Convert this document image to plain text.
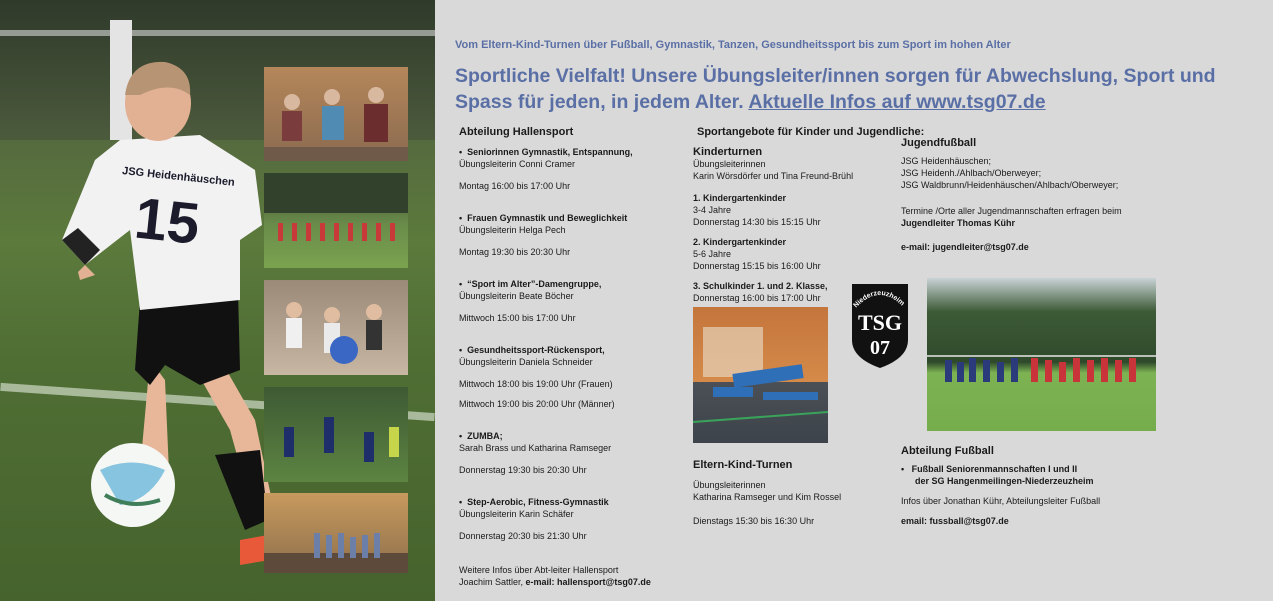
15
JSG Heidenhäuschen
Vom Eltern-Kind-Turnen über Fußball, Gymnastik, Tanzen, Gesundheitssport bis zum Sport im hohen Alter
Sportliche Vielfalt! Unsere Übungsleiter/innen sorgen für Abwechslung, Sport und Spass für jeden, in jedem Alter. Aktuelle Infos auf www.tsg07.de
Abteilung Hallensport

•  Seniorinnen Gymnastik, Entspannung,

Übungsleiterin Conni Cramer

Montag 16:00 bis 17:00 Uhr

•  Frauen Gymnastik und Beweglichkeit

Übungsleiterin Helga Pech

Montag 19:30 bis 20:30 Uhr

•  “Sport im Alter”-Damengruppe,

Übungsleiterin Beate Böcher

Mittwoch 15:00 bis 17:00 Uhr

•  Gesundheitssport-Rückensport,

Übungsleiterin Daniela Schneider

Mittwoch 18:00 bis 19:00 Uhr (Frauen)

Mittwoch 19:00 bis 20:00 Uhr (Männer)

•  ZUMBA;

Sarah Brass und Katharina Ramseger

Donnerstag 19:30 bis 20:30 Uhr

•  Step-Aerobic, Fitness-Gymnastik

Übungsleiterin Karin Schäfer

Donnerstag 20:30 bis 21:30 Uhr

Weitere Infos über Abt-leiter Hallensport

Joachim Sattler, e-mail: hallensport@tsg07.de

Sportangebote für Kinder und Jugendliche:
Kinderturnen

Übungsleiterinnen

Karin Wörsdörfer und Tina Freund-Brühl

1. Kindergartenkinder

3-4 Jahre

Donnerstag 14:30 bis 15:15 Uhr

2. Kindergartenkinder

5-6 Jahre

Donnerstag 15:15 bis 16:00 Uhr

3. Schulkinder 1. und 2. Klasse,

Donnerstag 16:00 bis 17:00 Uhr

Eltern-Kind-Turnen

Übungsleiterinnen

Katharina Ramseger und Kim Rossel

Dienstags 15:30 bis 16:30 Uhr

Jugendfußball

JSG Heidenhäuschen;

JSG Heidenh./Ahlbach/Oberweyer;

JSG Waldbrunn/Heidenhäuschen/Ahlbach/Oberweyer;

Termine /Orte aller Jugendmannschaften erfragen beim

Jugendleiter Thomas Kühr

e-mail: jugendleiter@tsg07.de

Niederzeuzheim
TSG
07
Abteilung Fußball

•   Fußball Seniorenmannschaften I und II

der SG Hangenmeilingen-Niederzeuzheim

Infos über Jonathan Kühr, Abteilungsleiter Fußball

email: fussball@tsg07.de
